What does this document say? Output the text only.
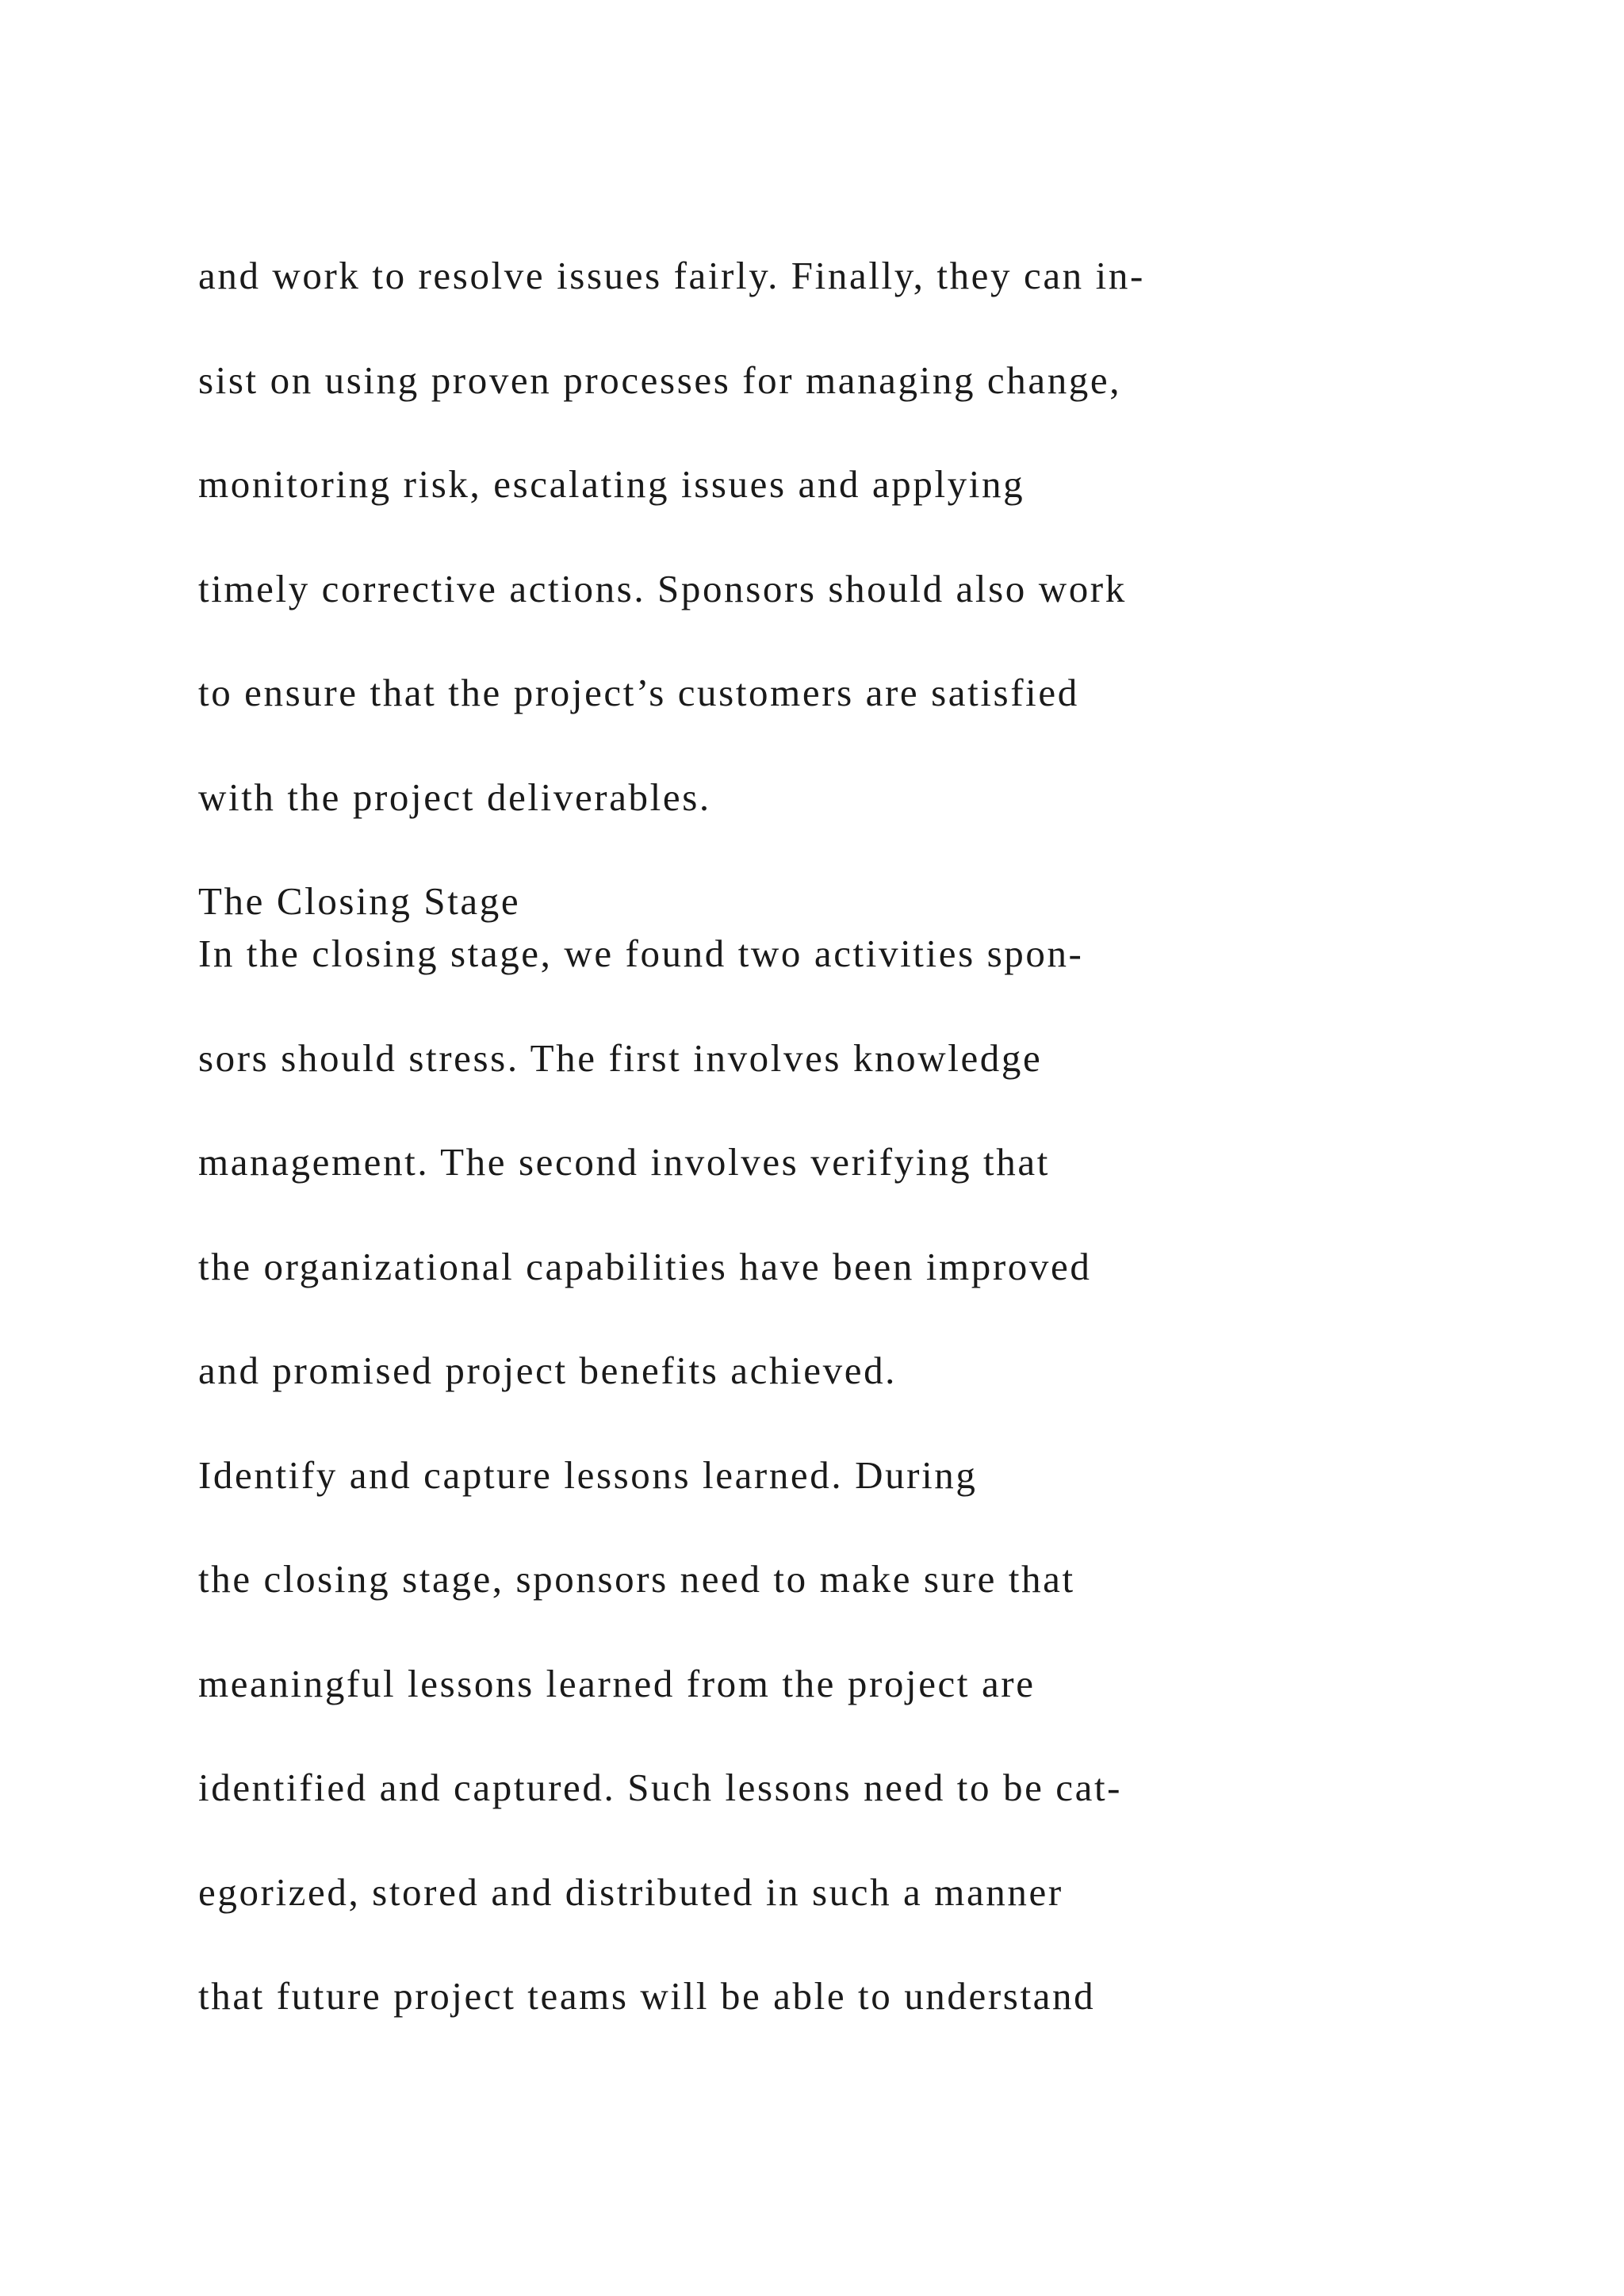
and work to resolve issues fairly. Finally, they can in-

sist on using proven processes for managing change,

monitoring risk, escalating issues and applying

timely corrective actions. Sponsors should also work

to ensure that the project’s customers are satisfied

with the project deliverables.

The Closing Stage

In the closing stage, we found two activities spon-

sors should stress. The first involves knowledge

management. The second involves verifying that

the organizational capabilities have been improved

and promised project benefits achieved.

Identify and capture lessons learned. During

the closing stage, sponsors need to make sure that

meaningful lessons learned from the project are

identified and captured. Such lessons need to be cat-

egorized, stored and distributed in such a manner

that future project teams will be able to understand
